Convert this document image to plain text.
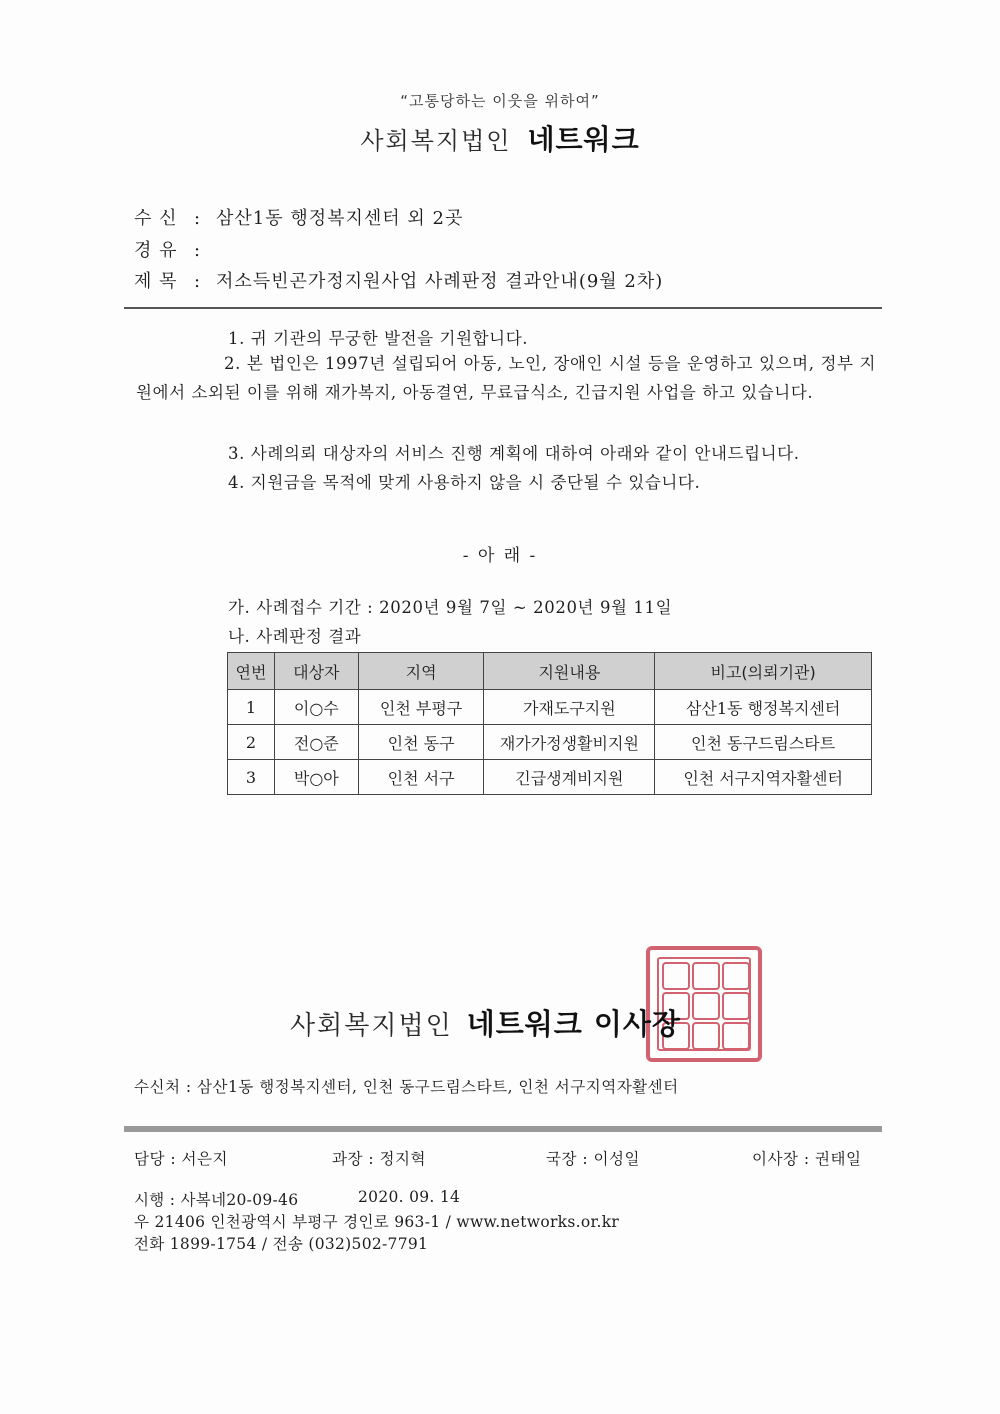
“고통당하는 이웃을 위하여”
사회복지법인 네트워크
수 신 : 삼산1동 행정복지센터 외 2곳
경 유 :
제 목 : 저소득빈곤가정지원사업 사례판정 결과안내(9월 2차)
1. 귀 기관의 무궁한 발전을 기원합니다.
2. 본 법인은 1997년 설립되어 아동, 노인, 장애인 시설 등을 운영하고 있으며, 정부 지원에서 소외된 이를 위해 재가복지, 아동결연, 무료급식소, 긴급지원 사업을 하고 있습니다.
3. 사례의뢰 대상자의 서비스 진행 계획에 대하여 아래와 같이 안내드립니다.
4. 지원금을 목적에 맞게 사용하지 않을 시 중단될 수 있습니다.
- 아 래 -
가. 사례접수 기간 : 2020년 9월 7일 ~ 2020년 9월 11일
나. 사례판정 결과
연번	대상자	지역	지원내용	비고(의뢰기관)
1	이○수	인천 부평구	가재도구지원	삼산1동 행정복지센터
2	전○준	인천 동구	재가가정생활비지원	인천 동구드림스타트
3	박○아	인천 서구	긴급생계비지원	인천 서구지역자활센터
사회복지법인 네트워크 이사장
수신처 : 삼산1동 행정복지센터, 인천 동구드림스타트, 인천 서구지역자활센터
담당 : 서은지	과장 : 정지혁	국장 : 이성일	이사장 : 권태일
시행 : 사복네20-09-46	2020. 09. 14
우 21406 인천광역시 부평구 경인로 963-1 / www.networks.or.kr
전화 1899-1754 / 전송 (032)502-7791
